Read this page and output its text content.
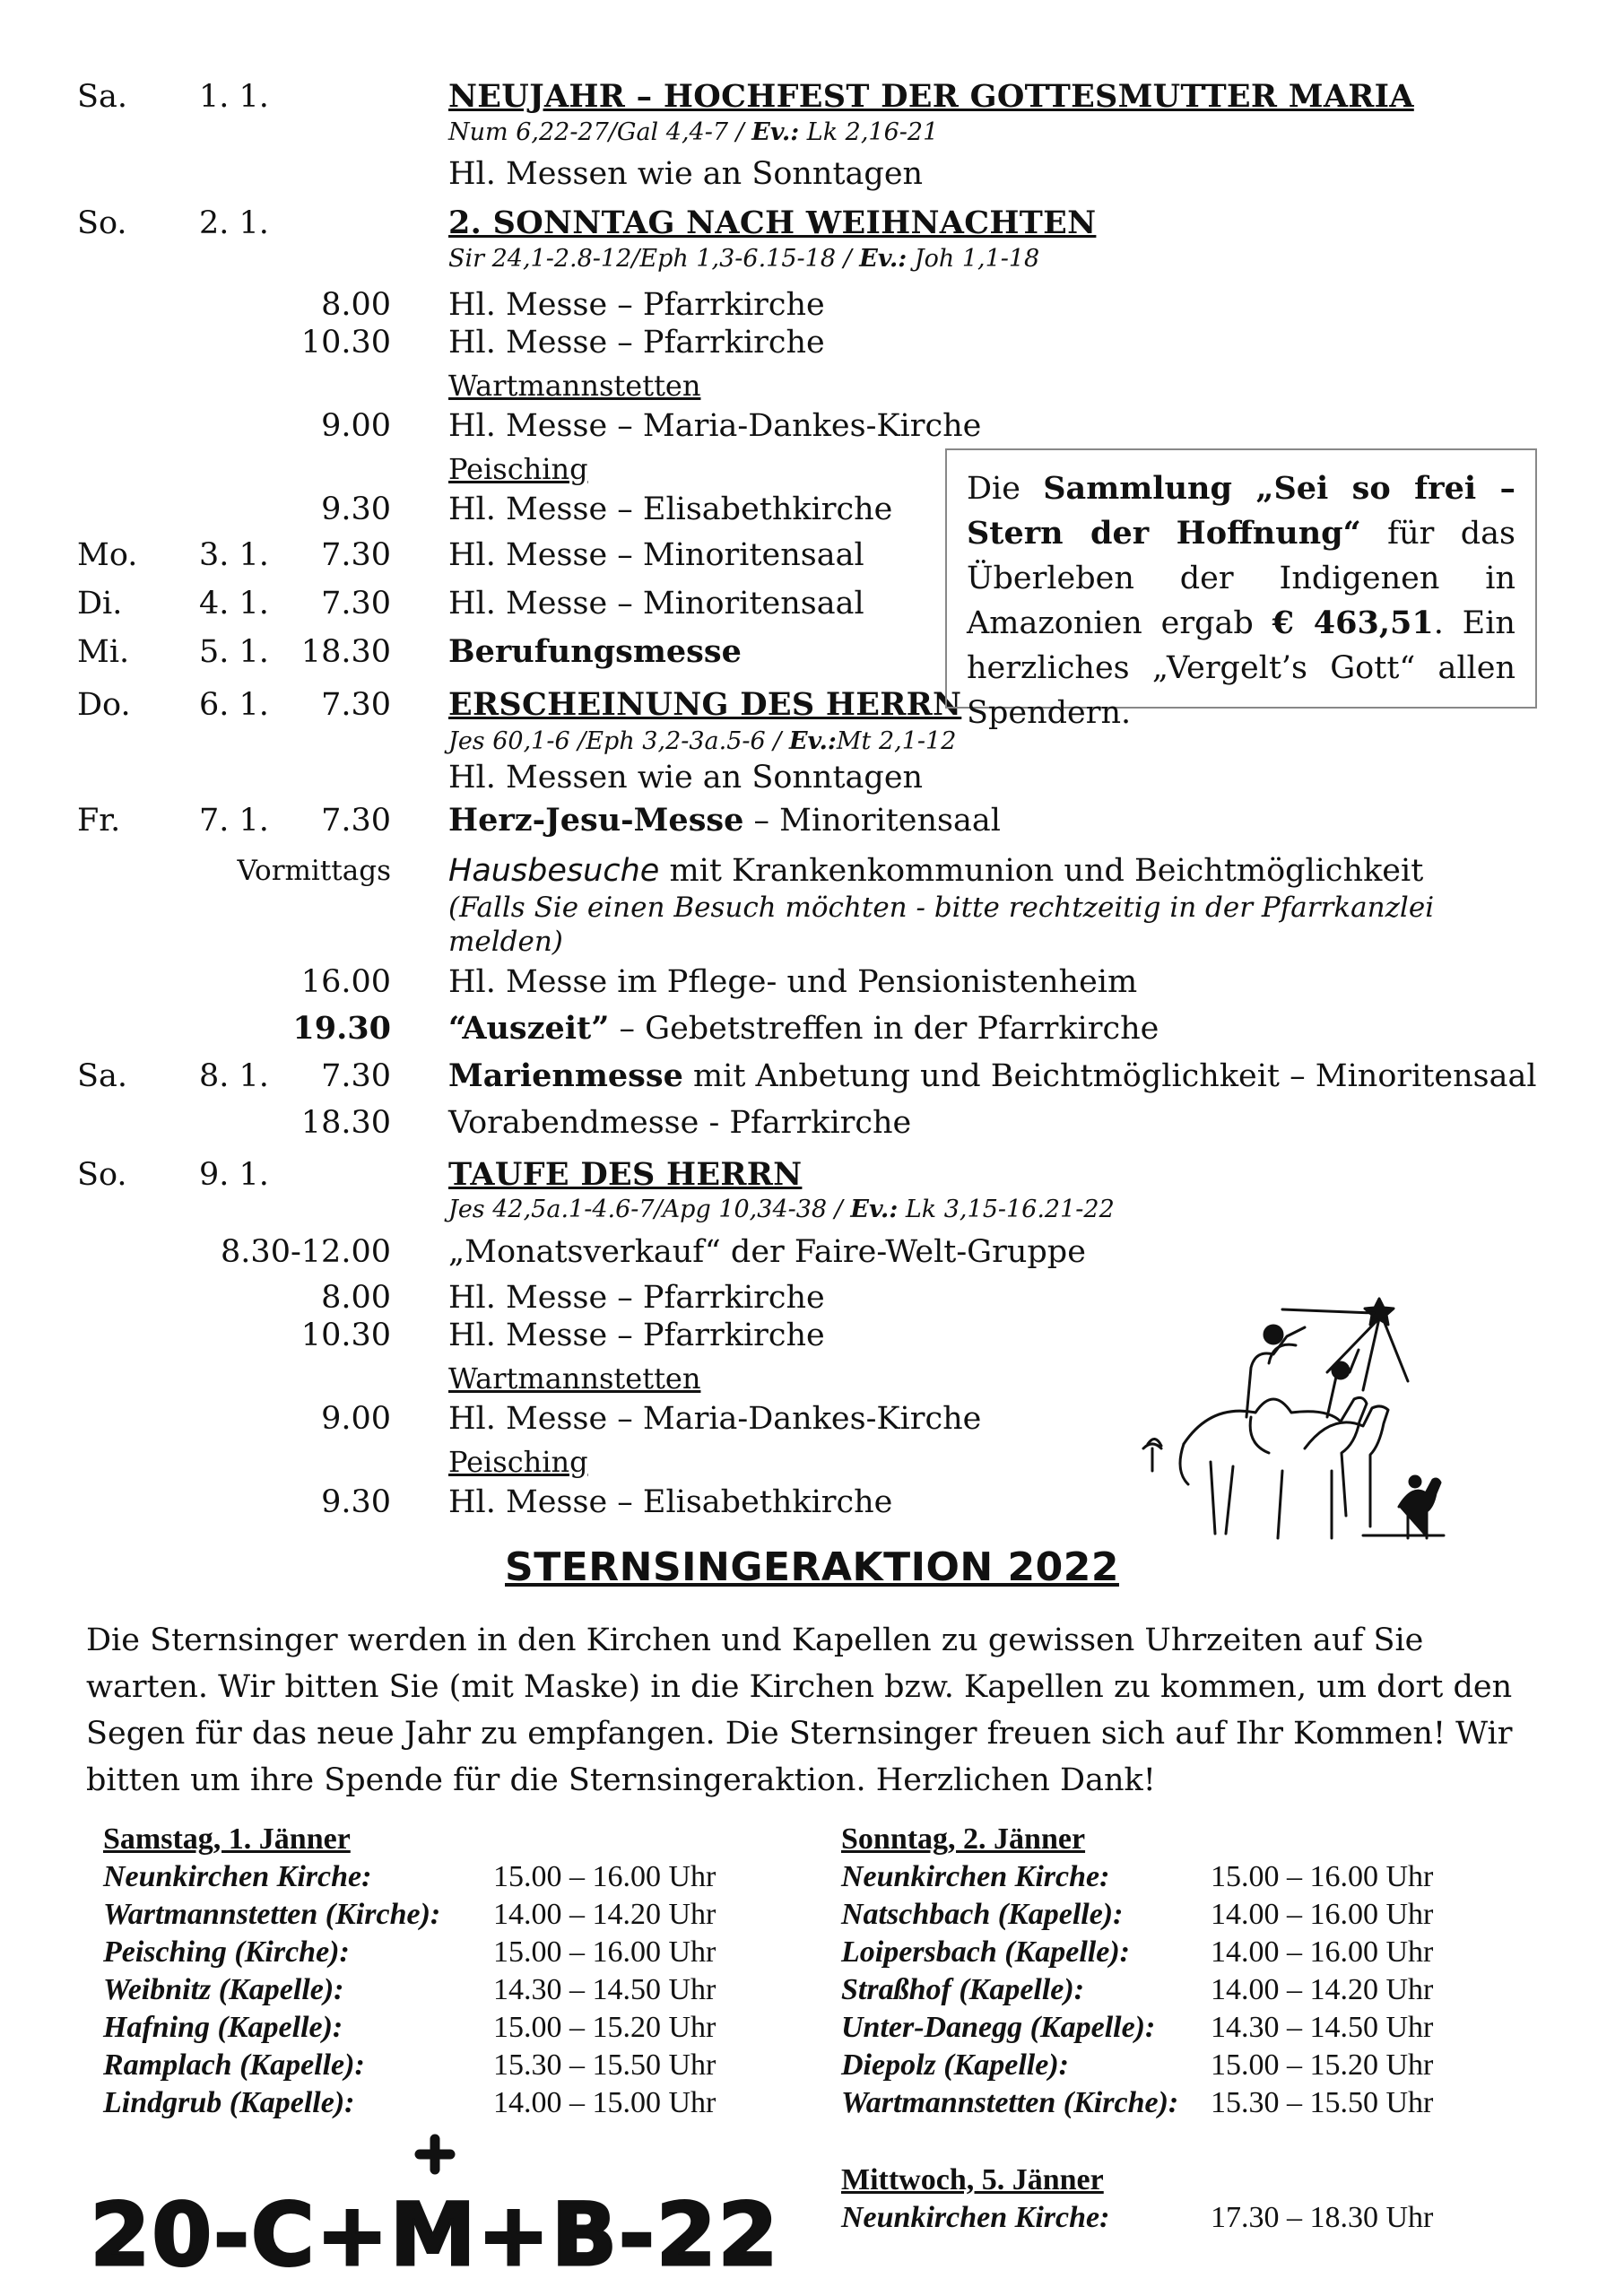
Sa. 1. 1.	NEUJAHR – HOCHFEST DER GOTTESMUTTER MARIA
Num 6,22-27/Gal 4,4-7 / Ev.: Lk 2,16-21
Hl. Messen wie an Sonntagen
So. 2. 1.	2. SONNTAG NACH WEIHNACHTEN
Sir 24,1-2.8-12/Eph 1,3-6.15-18 / Ev.: Joh 1,1-18
8.00 Hl. Messe – Pfarrkirche
10.30 Hl. Messe – Pfarrkirche
Wartmannstetten
9.00 Hl. Messe – Maria-Dankes-Kirche
Peisching
9.30 Hl. Messe – Elisabethkirche
Mo. 3. 1.	7.30 Hl. Messe – Minoritensaal
Di. 4. 1.	7.30 Hl. Messe – Minoritensaal
Mi. 5. 1.	18.30 Berufungsmesse
Do. 6. 1.	7.30 ERSCHEINUNG DES HERRN
Jes 60,1-6 /Eph 3,2-3a.5-6 / Ev.:Mt 2,1-12
Hl. Messen wie an Sonntagen
Fr.	7. 1.	7.30 Herz-Jesu-Messe – Minoritensaal
Vormittags Hausbesuche mit Krankenkommunion und Beichtmöglichkeit
(Falls Sie einen Besuch möchten - bitte rechtzeitig in der Pfarrkanzlei melden)
16.00 Hl. Messe im Pflege- und Pensionistenheim
19.30 “Auszeit” – Gebetstreffen in der Pfarrkirche
Sa. 8. 1.	7.30 Marienmesse mit Anbetung und Beichtmöglichkeit – Minoritensaal
18.30 Vorabendmesse - Pfarrkirche
So. 9. 1.	TAUFE DES HERRN
Jes 42,5a.1-4.6-7/Apg 10,34-38 / Ev.: Lk 3,15-16.21-22
8.30-12.00 „Monatsverkauf“ der Faire-Welt-Gruppe
8.00 Hl. Messe – Pfarrkirche
10.30 Hl. Messe – Pfarrkirche
Wartmannstetten
9.00 Hl. Messe – Maria-Dankes-Kirche
Peisching
9.30 Hl. Messe – Elisabethkirche
Die Sammlung „Sei so frei – Stern der Hoffnung“ für das Überleben der Indigenen in Amazonien ergab € 463,51. Ein herzliches „Vergelt’s Gott“ allen Spendern.
STERNSINGERAKTION 2022
Die Sternsinger werden in den Kirchen und Kapellen zu gewissen Uhrzeiten auf Sie warten. Wir bitten Sie (mit Maske) in die Kirchen bzw. Kapellen zu kommen, um dort den Segen für das neue Jahr zu empfangen. Die Sternsinger freuen sich auf Ihr Kommen! Wir bitten um ihre Spende für die Sternsingeraktion. Herzlichen Dank!
Samstag, 1. Jänner
Neunkirchen Kirche:	15.00 – 16.00 Uhr
Wartmannstetten (Kirche): 14.00 – 14.20 Uhr
Peisching (Kirche):	15.00 – 16.00 Uhr
Weibnitz (Kapelle):	14.30 – 14.50 Uhr
Hafning (Kapelle):	15.00 – 15.20 Uhr
Ramplach (Kapelle):	15.30 – 15.50 Uhr
Lindgrub (Kapelle):	14.00 – 15.00 Uhr
Sonntag, 2. Jänner
Neunkirchen Kirche:	15.00 – 16.00 Uhr
Natschbach (Kapelle):	14.00 – 16.00 Uhr
Loipersbach (Kapelle):	14.00 – 16.00 Uhr
Straßhof (Kapelle):	14.00 – 14.20 Uhr
Unter-Danegg (Kapelle): 14.30 – 14.50 Uhr
Diepolz (Kapelle):	15.00 – 15.20 Uhr
Wartmannstetten (Kirche): 15.30 – 15.50 Uhr
Mittwoch, 5. Jänner
Neunkirchen Kirche:	17.30 – 18.30 Uhr
20-C+M+B-22
